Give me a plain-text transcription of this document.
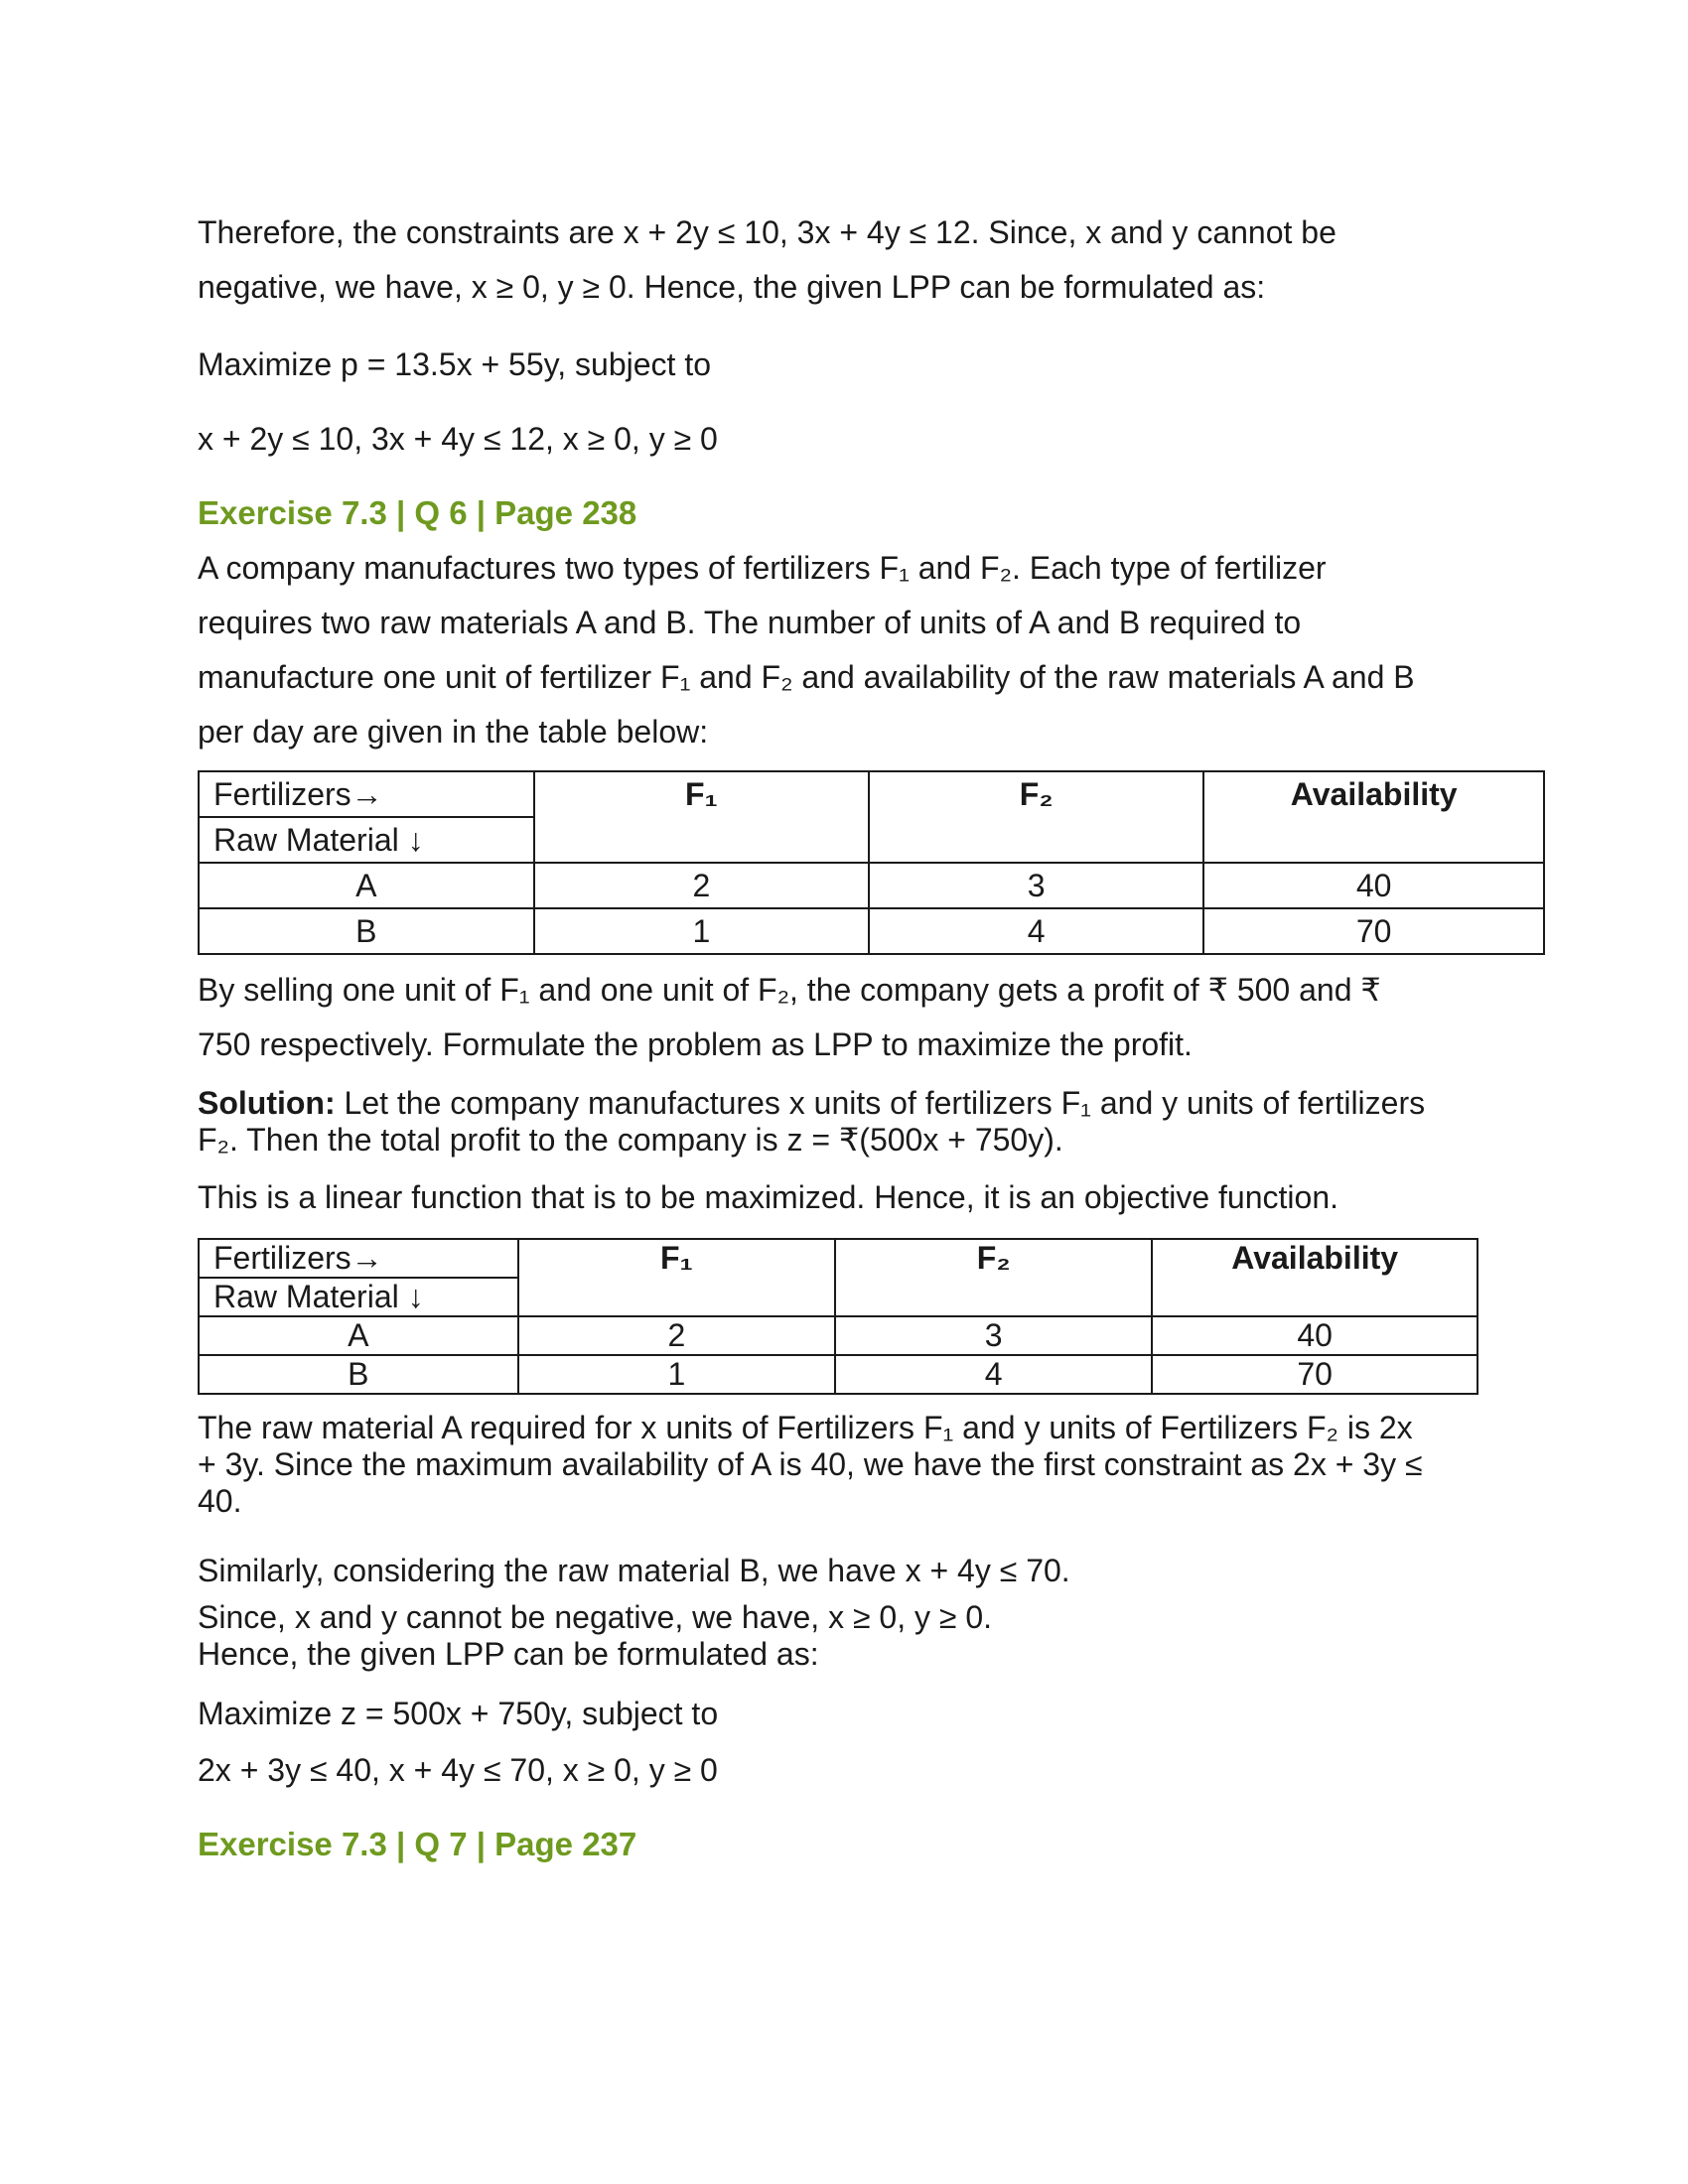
Therefore, the constraints are x + 2y ≤ 10, 3x + 4y ≤ 12. Since, x and y cannot be
negative, we have, x ≥ 0, y ≥ 0. Hence, the given LPP can be formulated as:
Maximize p = 13.5x + 55y, subject to
x + 2y ≤ 10, 3x + 4y ≤ 12, x ≥ 0, y ≥ 0
Exercise 7.3 | Q 6 | Page 238
A company manufactures two types of fertilizers F₁ and F₂. Each type of fertilizer
requires two raw materials A and B. The number of units of A and B required to
manufacture one unit of fertilizer F₁ and F₂ and availability of the raw materials A and B
per day are given in the table below:
Fertilizers→
Raw Material ↓	F₁	F₂	Availability
A	2	3	40
B	1	4	70
By selling one unit of F₁ and one unit of F₂, the company gets a profit of ₹ 500 and ₹
750 respectively. Formulate the problem as LPP to maximize the profit.
Solution: Let the company manufactures x units of fertilizers F₁ and y units of fertilizers
F₂. Then the total profit to the company is z = ₹(500x + 750y).
This is a linear function that is to be maximized. Hence, it is an objective function.
Fertilizers→
Raw Material ↓	F₁	F₂	Availability
A	2	3	40
B	1	4	70
The raw material A required for x units of Fertilizers F₁ and y units of Fertilizers F₂ is 2x
+ 3y. Since the maximum availability of A is 40, we have the first constraint as 2x + 3y ≤
40.
Similarly, considering the raw material B, we have x + 4y ≤ 70.
Since, x and y cannot be negative, we have, x ≥ 0, y ≥ 0.
Hence, the given LPP can be formulated as:
Maximize z = 500x + 750y, subject to
2x + 3y ≤ 40, x + 4y ≤ 70, x ≥ 0, y ≥ 0
Exercise 7.3 | Q 7 | Page 237
